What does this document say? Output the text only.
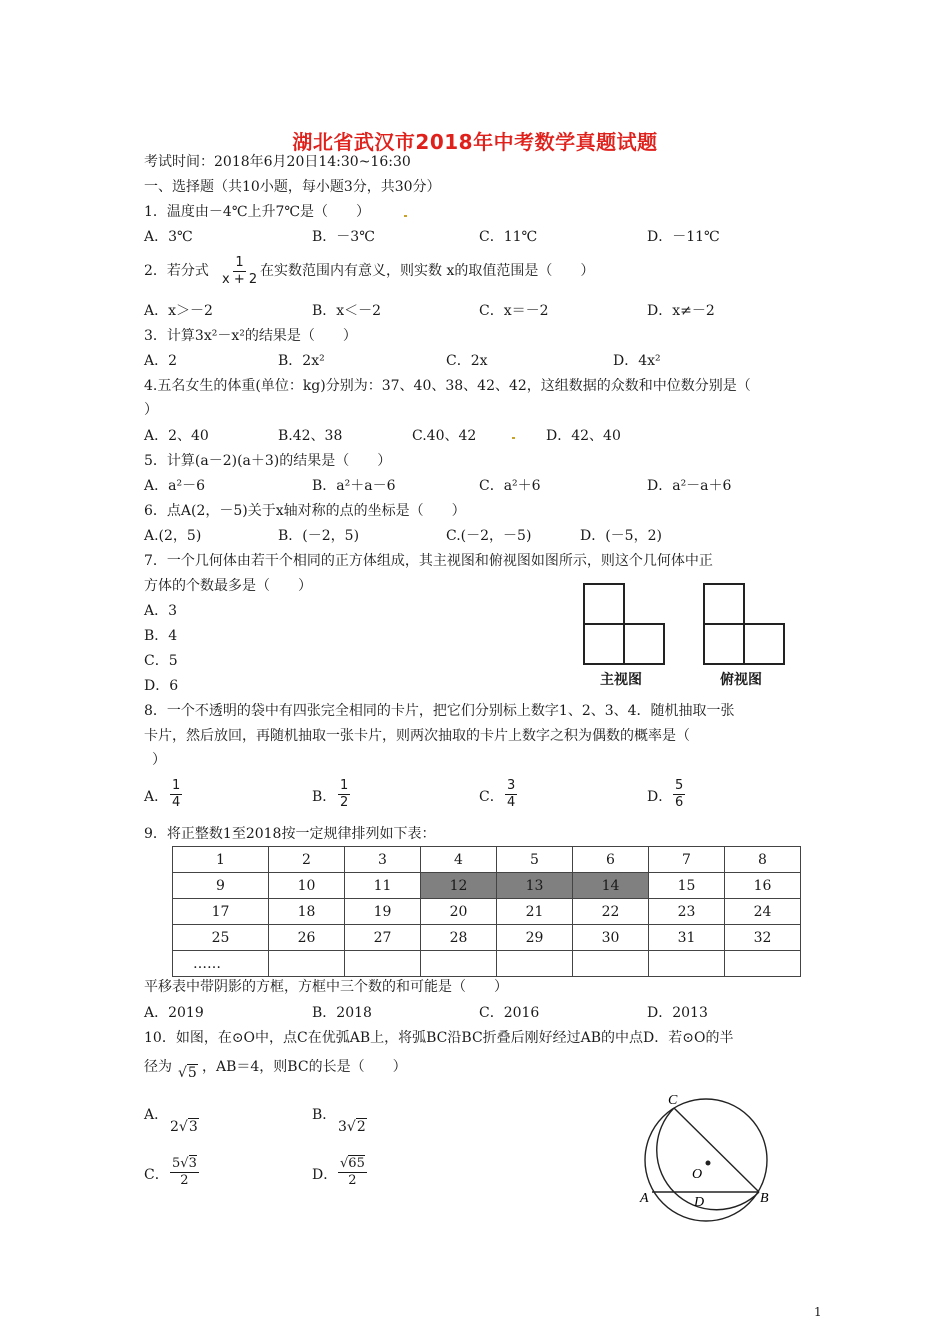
湖北省武汉市2018年中考数学真题试题
考试时间：2018年6月20日14:30~16:30
一、选择题（共10小题，每小题3分，共30分）
1．温度由－4℃上升7℃是（　　）
A．3℃	B．－3℃	C．11℃	D．－11℃
2．若分式 $\frac{1}{x + 2}$ 在实数范围内有意义，则实数 x的取值范围是（　　）
A．x＞－2	B．x＜－2	C．x＝－2	D．x≠－2
3．计算3x²－x²的结果是（　　）
A．2	B．2x²	C．2x	D．4x²
4.五名女生的体重(单位：kg)分别为：37、40、38、42、42，这组数据的众数和中位数分别是（
）
A．2、40	B.42、38	C.40、42	D．42、40
5．计算(a－2)(a＋3)的结果是（　　）
A．a²－6	B．a²＋a－6	C．a²＋6	D．a²－a＋6
6．点A(2，－5)关于x轴对称的点的坐标是（　　）
A.(2，5)	B．(－2，5)	C.(－2，－5)	D．(－5，2)
7．一个几何体由若干个相同的正方体组成，其主视图和俯视图如图所示，则这个几何体中正
方体的个数最多是（　　）
A．3
B．4
C．5
D．6	主视图	俯视图
8．一个不透明的袋中有四张完全相同的卡片，把它们分别标上数字1、2、3、4．随机抽取一张
卡片，然后放回，再随机抽取一张卡片，则两次抽取的卡片上数字之积为偶数的概率是（
）
A． $\frac{1}{4}$	B． $\frac{1}{2}$	C． $\frac{3}{4}$	D． $\frac{5}{6}$
9．将正整数1至2018按一定规律排列如下表：
1	2	3	4	5	6	7	8
9	10	11	12	13	14	15	16
17	18	19	20	21	22	23	24
25	26	27	28	29	30	31	32
……							
平移表中带阴影的方框，方框中三个数的和可能是（　　）
A．2019	B．2018	C．2016	D．2013
10．如图，在⊙O中，点C在优弧AB上，将弧BC沿BC折叠后刚好经过AB的中点D．若⊙O的半
径为 √5 ，AB＝4，则BC的长是（　　）
A．
2√3
B．
3√2
C． $\frac{5√3}{2}$	D． $\frac{√65}{2}$
C
O
A	D	B
1
